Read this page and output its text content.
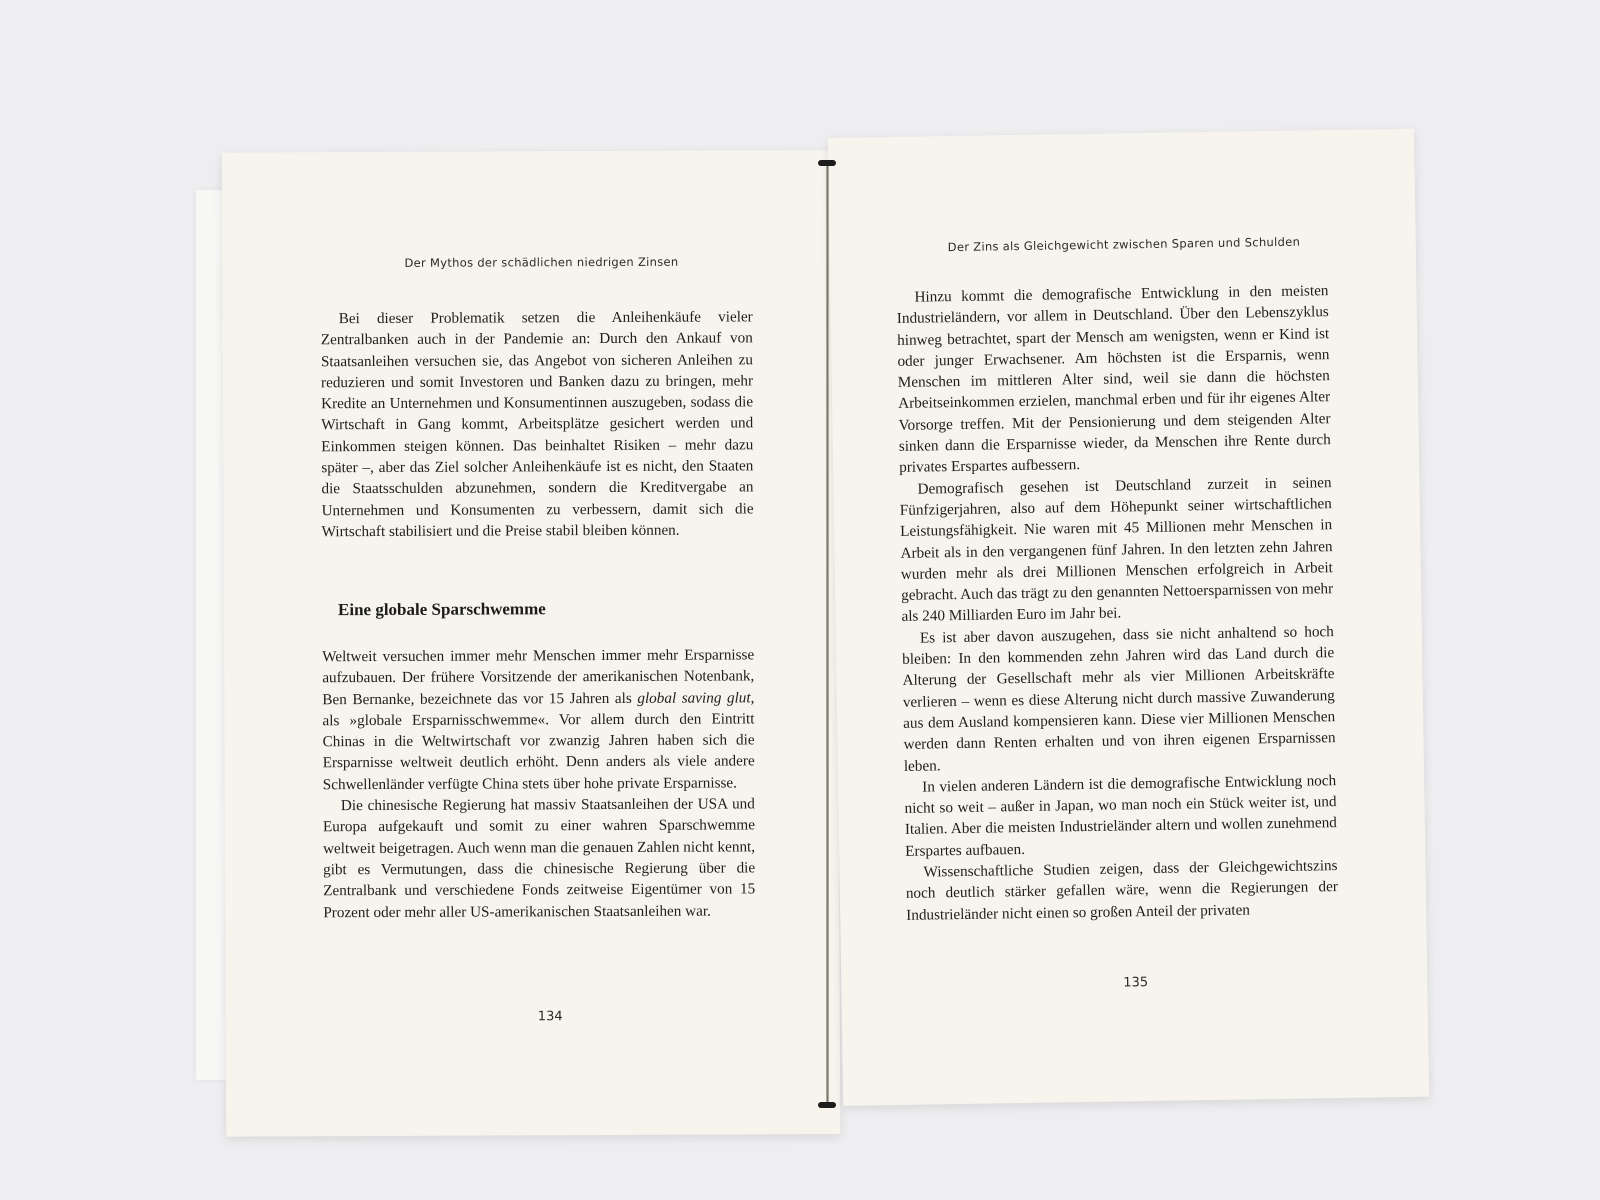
Der Mythos der schädlichen niedrigen Zinsen

Bei dieser Problematik setzen die Anleihenkäufe vieler Zentralbanken auch in der Pandemie an: Durch den Ankauf von Staatsanleihen versuchen sie, das Angebot von sicheren Anleihen zu reduzieren und somit Investoren und Banken dazu zu bringen, mehr Kredite an Unternehmen und Konsumentinnen auszugeben, sodass die Wirtschaft in Gang kommt, Arbeitsplätze gesichert werden und Einkommen steigen können. Das beinhaltet Risiken – mehr dazu später –, aber das Ziel solcher Anleihenkäufe ist es nicht, den Staaten die Staatsschulden abzunehmen, sondern die Kreditvergabe an Unternehmen und Konsumenten zu verbessern, damit sich die Wirtschaft stabilisiert und die Preise stabil bleiben können.

Eine globale Sparschwemme

Weltweit versuchen immer mehr Menschen immer mehr Ersparnisse aufzubauen. Der frühere Vorsitzende der amerikanischen Notenbank, Ben Bernanke, bezeichnete das vor 15 Jahren als global saving glut, als »globale Ersparnisschwemme«. Vor allem durch den Eintritt Chinas in die Weltwirtschaft vor zwanzig Jahren haben sich die Ersparnisse weltweit deutlich erhöht. Denn anders als viele andere Schwellenländer verfügte China stets über hohe private Ersparnisse.

Die chinesische Regierung hat massiv Staatsanleihen der USA und Europa aufgekauft und somit zu einer wahren Sparschwemme weltweit beigetragen. Auch wenn man die genauen Zahlen nicht kennt, gibt es Vermutungen, dass die chinesische Regierung über die Zentralbank und verschiedene Fonds zeitweise Eigentümer von 15 Prozent oder mehr aller US-amerikanischen Staatsanleihen war.

134
Der Zins als Gleichgewicht zwischen Sparen und Schulden

Hinzu kommt die demografische Entwicklung in den meisten Industrieländern, vor allem in Deutschland. Über den Lebenszyklus hinweg betrachtet, spart der Mensch am wenigsten, wenn er Kind ist oder junger Erwachsener. Am höchsten ist die Ersparnis, wenn Menschen im mittleren Alter sind, weil sie dann die höchsten Arbeitseinkommen erzielen, manchmal erben und für ihr eigenes Alter Vorsorge treffen. Mit der Pensionierung und dem steigenden Alter sinken dann die Ersparnisse wieder, da Menschen ihre Rente durch privates Erspartes aufbessern.

Demografisch gesehen ist Deutschland zurzeit in seinen Fünfzigerjahren, also auf dem Höhepunkt seiner wirtschaftlichen Leistungsfähigkeit. Nie waren mit 45 Millionen mehr Menschen in Arbeit als in den vergangenen fünf Jahren. In den letzten zehn Jahren wurden mehr als drei Millionen Menschen erfolgreich in Arbeit gebracht. Auch das trägt zu den genannten Nettoersparnissen von mehr als 240 Milliarden Euro im Jahr bei.

Es ist aber davon auszugehen, dass sie nicht anhaltend so hoch bleiben: In den kommenden zehn Jahren wird das Land durch die Alterung der Gesellschaft mehr als vier Millionen Arbeitskräfte verlieren – wenn es diese Alterung nicht durch massive Zuwanderung aus dem Ausland kompensieren kann. Diese vier Millionen Menschen werden dann Renten erhalten und von ihren eigenen Ersparnissen leben.

In vielen anderen Ländern ist die demografische Entwicklung noch nicht so weit – außer in Japan, wo man noch ein Stück weiter ist, und Italien. Aber die meisten Industrieländer altern und wollen zunehmend Erspartes aufbauen.

Wissenschaftliche Studien zeigen, dass der Gleichgewichtszins noch deutlich stärker gefallen wäre, wenn die Regierungen der Industrieländer nicht einen so großen Anteil der privaten

135
